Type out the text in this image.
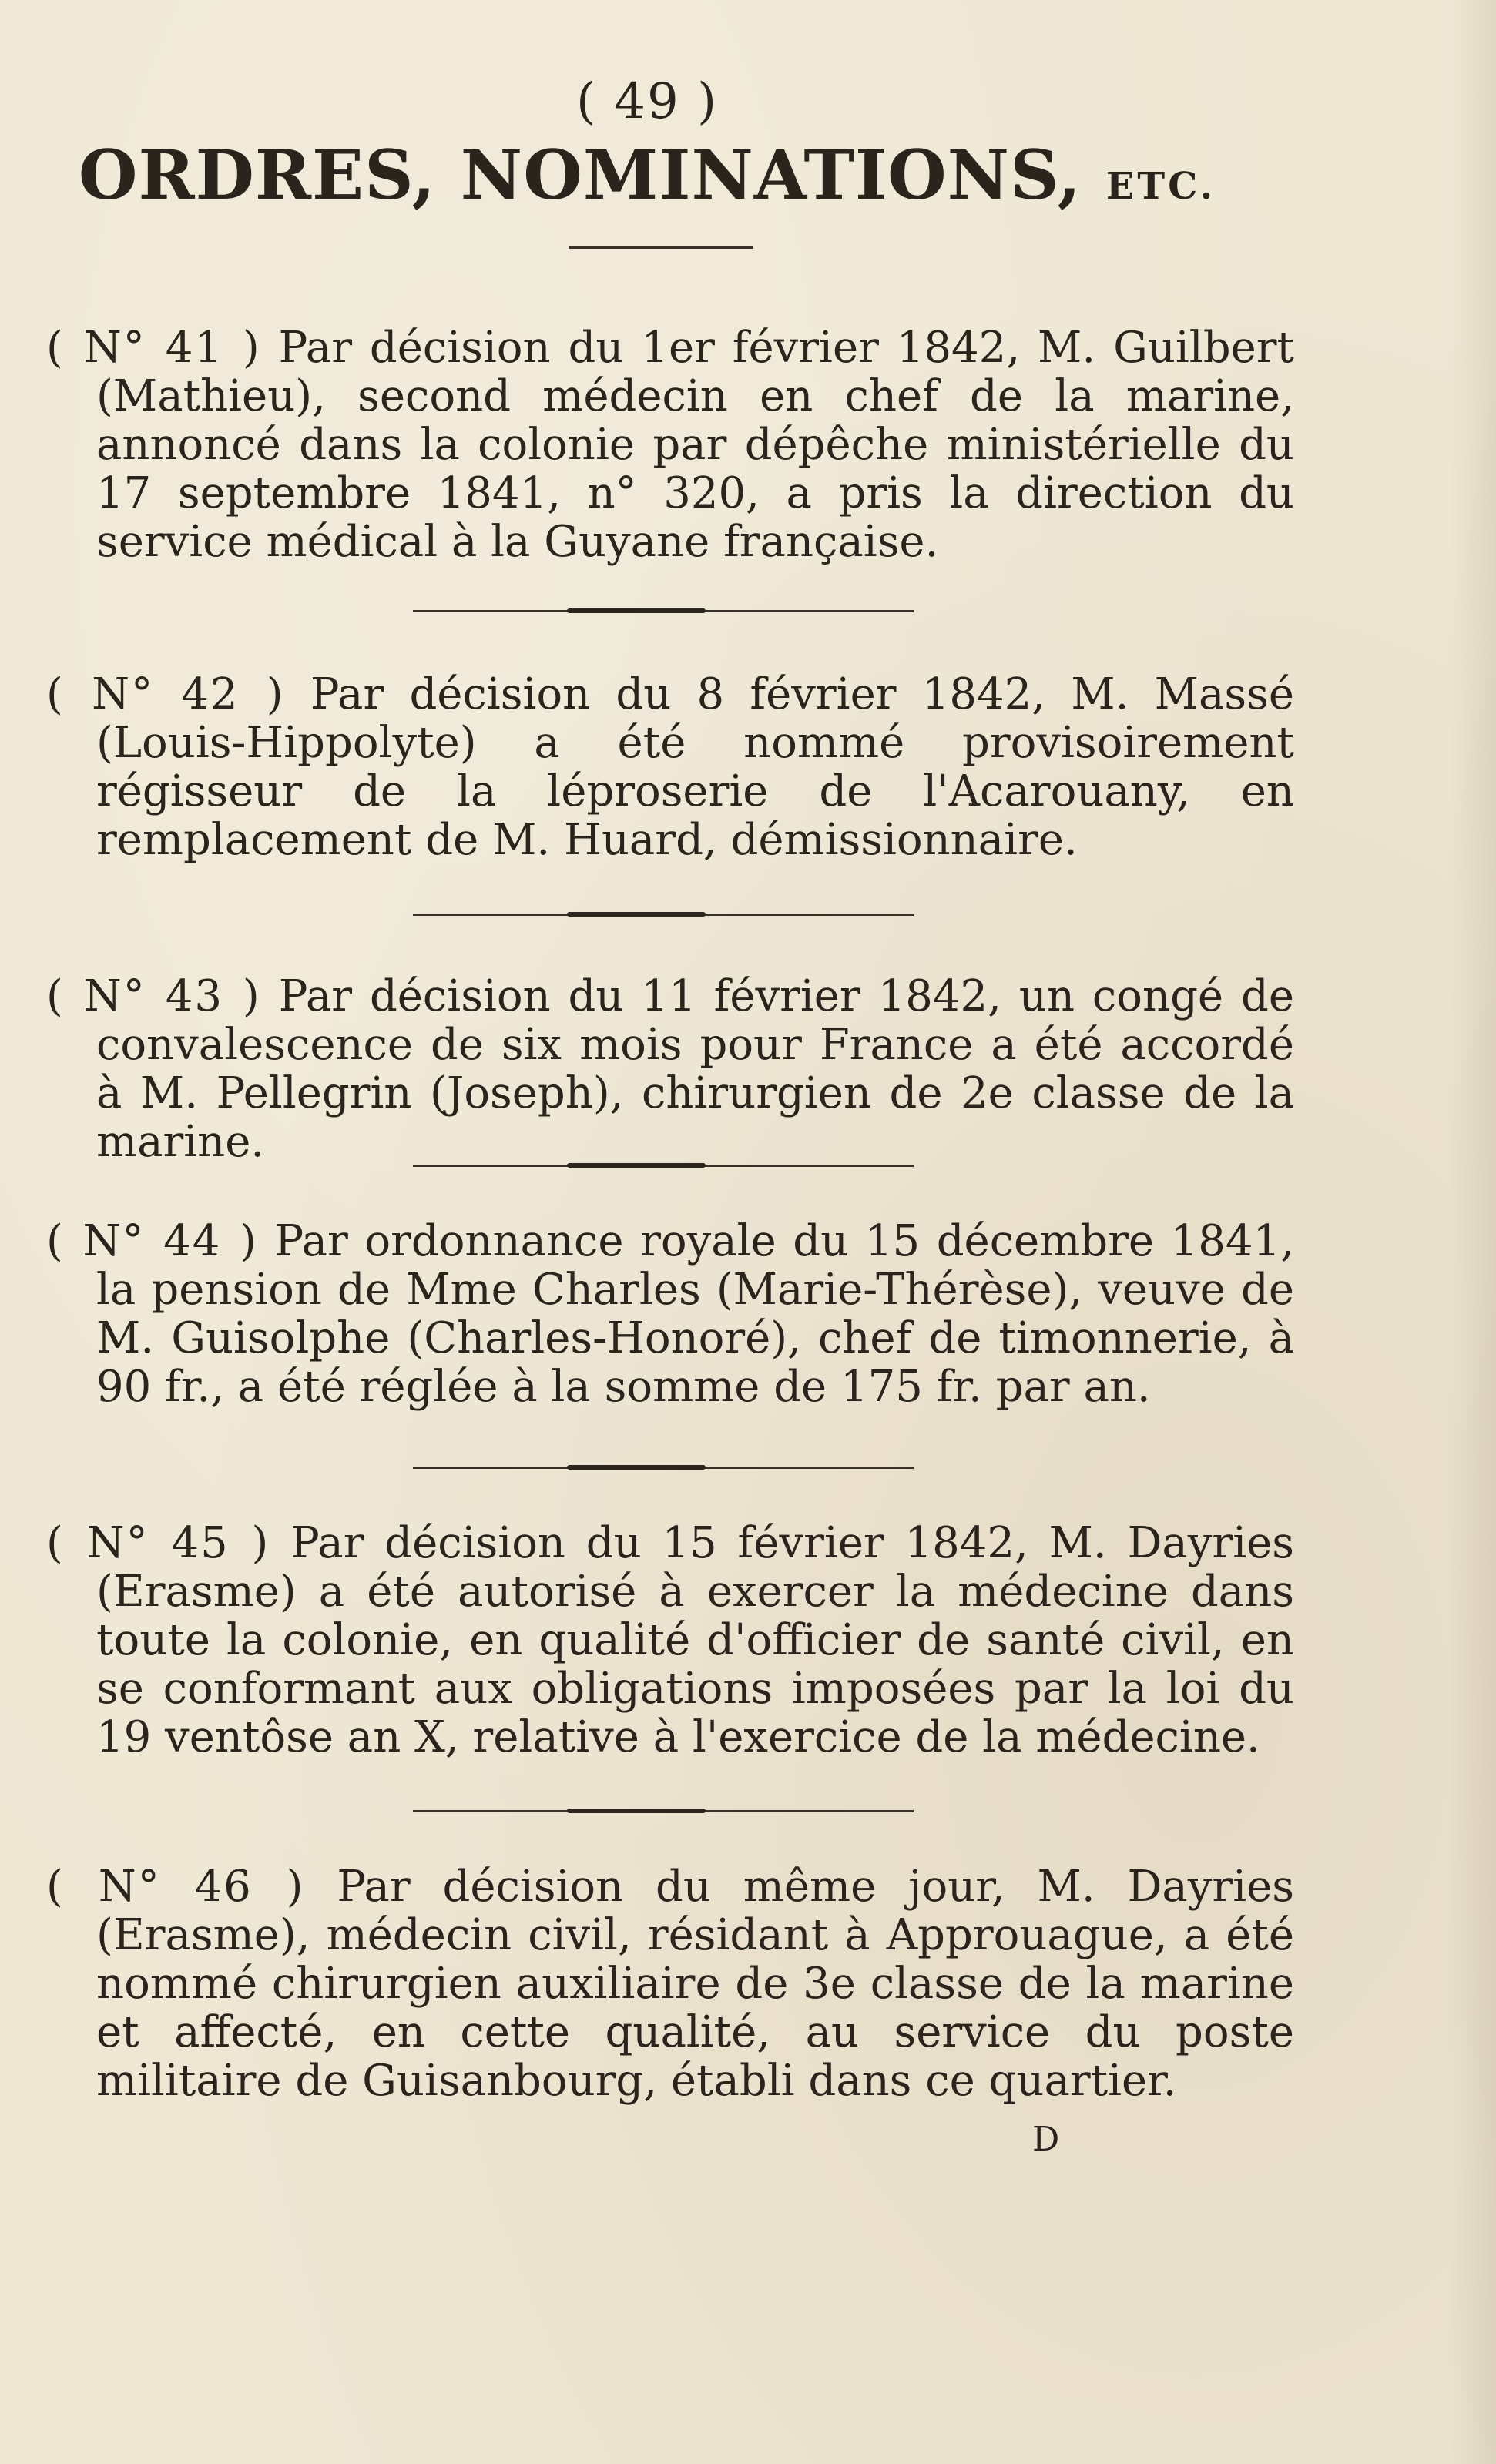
( 49 )
ORDRES, NOMINATIONS, ETC.

( N° 41 ) Par décision du 1er février 1842, M. Guilbert (Mathieu), second médecin en chef de la marine, annoncé dans la colonie par dépêche ministérielle du 17 septembre 1841, n° 320, a pris la direction du service médical à la Guyane française.

( N° 42 ) Par décision du 8 février 1842, M. Massé (Louis-Hippolyte) a été nommé provisoirement régisseur de la léproserie de l'Acarouany, en remplacement de M. Huard, démissionnaire.

( N° 43 ) Par décision du 11 février 1842, un congé de convalescence de six mois pour France a été accordé à M. Pellegrin (Joseph), chirurgien de 2e classe de la marine.

( N° 44 ) Par ordonnance royale du 15 décembre 1841, la pension de Mme Charles (Marie-Thérèse), veuve de M. Guisolphe (Charles-Honoré), chef de timonnerie, à 90 fr., a été réglée à la somme de 175 fr. par an.

( N° 45 ) Par décision du 15 février 1842, M. Dayries (Erasme) a été autorisé à exercer la médecine dans toute la colonie, en qualité d'officier de santé civil, en se conformant aux obligations imposées par la loi du 19 ventôse an X, relative à l'exercice de la médecine.

( N° 46 ) Par décision du même jour, M. Dayries (Erasme), médecin civil, résidant à Approuague, a été nommé chirurgien auxiliaire de 3e classe de la marine et affecté, en cette qualité, au service du poste militaire de Guisanbourg, établi dans ce quartier.

D
